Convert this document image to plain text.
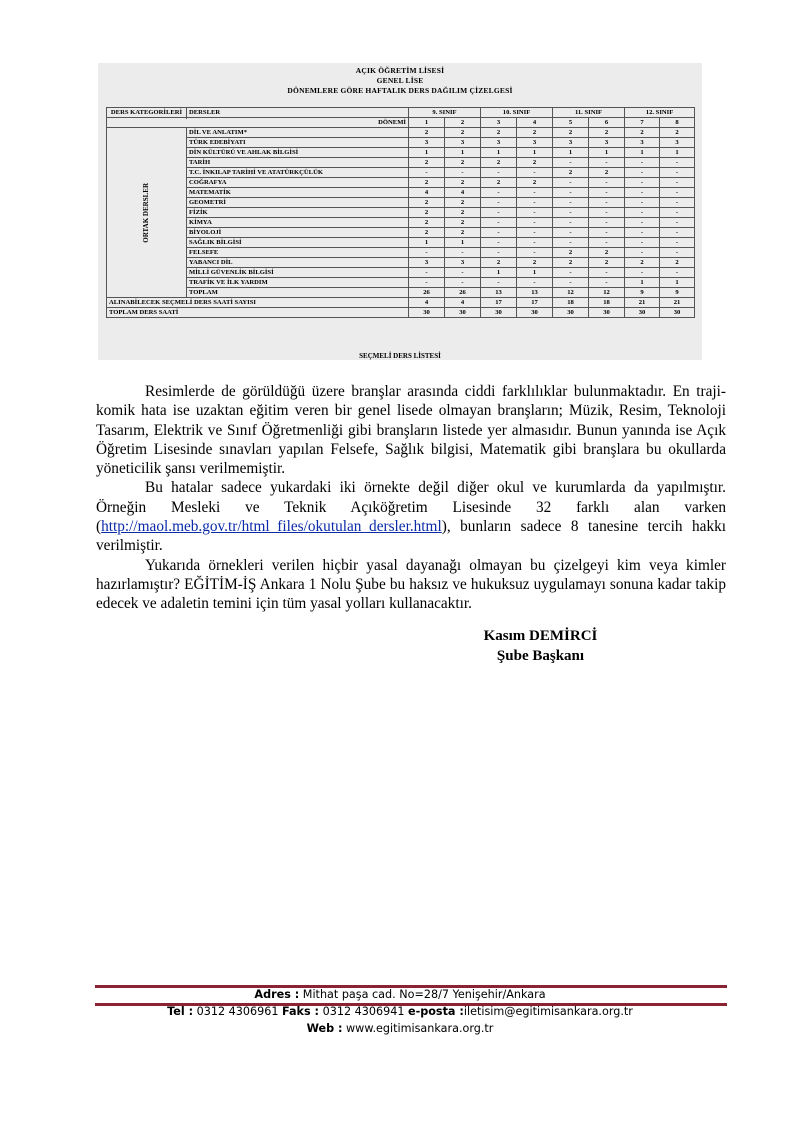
AÇIK ÖĞRETİM LİSESİ
GENEL LİSE
DÖNEMLERE GÖRE HAFTALIK DERS DAĞILIM ÇİZELGESİ
DERS KATEGORİLERİ	DERSLER	9. SINIF		10. SINIF		11. SINIF		12. SINIF	

DÖNEMİ		1	2	3	4	5	6	7	8

ORTAK DERSLER	DİL VE ANLATIM*	2	2	2	2	2	2	2	2
	TÜRK EDEBİYATI	3	3	3	3	3	3	3	3
	DİN KÜLTÜRÜ VE AHLAK BİLGİSİ	1	1	1	1	1	1	1	1
	TARİH	2	2	2	2	-	-	-	-
	T.C. İNKILAP TARİHİ VE ATATÜRKÇÜLÜK	-	-	-	-	2	2	-	-
	COĞRAFYA	2	2	2	2	-	-	-	-
	MATEMATİK	4	4	-	-	-	-	-	-
	GEOMETRİ	2	2	-	-	-	-	-	-
	FİZİK	2	2	-	-	-	-	-	-
	KİMYA	2	2	-	-	-	-	-	-
	BİYOLOJİ	2	2	-	-	-	-	-	-
	SAĞLIK BİLGİSİ	1	1	-	-	-	-	-	-
	FELSEFE	-	-	-	-	2	2	-	-
	YABANCI DİL	3	3	2	2	2	2	2	2
	MİLLİ GÜVENLİK BİLGİSİ	-	-	1	1	-	-	-	-
	TRAFİK VE İLK YARDIM	-	-	-	-	-	-	1	1
	TOPLAM	26	26	13	13	12	12	9	9
ALINABİLECEK SEÇMELİ DERS SAATİ SAYISI		4	4	17	17	18	18	21	21
TOPLAM DERS SAATİ		30	30	30	30	30	30	30	30
SEÇMELİ DERS LİSTESİ

Resimlerde de görüldüğü üzere branşlar arasında ciddi farklılıklar bulunmaktadır. En traji-komik hata ise uzaktan eğitim veren bir genel lisede olmayan branşların; Müzik, Resim, Teknoloji Tasarım, Elektrik ve Sınıf Öğretmenliği gibi branşların listede yer almasıdır. Bunun yanında ise Açık Öğretim Lisesinde sınavları yapılan Felsefe, Sağlık bilgisi, Matematik gibi branşlara bu okullarda yöneticilik şansı verilmemiştir.

Bu hatalar sadece yukardaki iki örnekte değil diğer okul ve kurumlarda da yapılmıştır. Örneğin Mesleki ve Teknik Açıköğretim Lisesinde 32 farklı alan varken (http://maol.meb.gov.tr/html_files/okutulan_dersler.html), bunların sadece 8 tanesine tercih hakkı verilmiştir.

Yukarıda örnekleri verilen hiçbir yasal dayanağı olmayan bu çizelgeyi kim veya kimler hazırlamıştır? EĞİTİM-İŞ Ankara 1 Nolu Şube bu haksız ve hukuksuz uygulamayı sonuna kadar takip edecek ve adaletin temini için tüm yasal yolları kullanacaktır.

Kasım DEMİRCİ
Şube Başkanı
Adres : Mithat paşa cad. No=28/7 Yenişehir/Ankara
Tel : 0312 4306961 Faks : 0312 4306941 e-posta :iletisim@egitimisankara.org.tr
Web : www.egitimisankara.org.tr
